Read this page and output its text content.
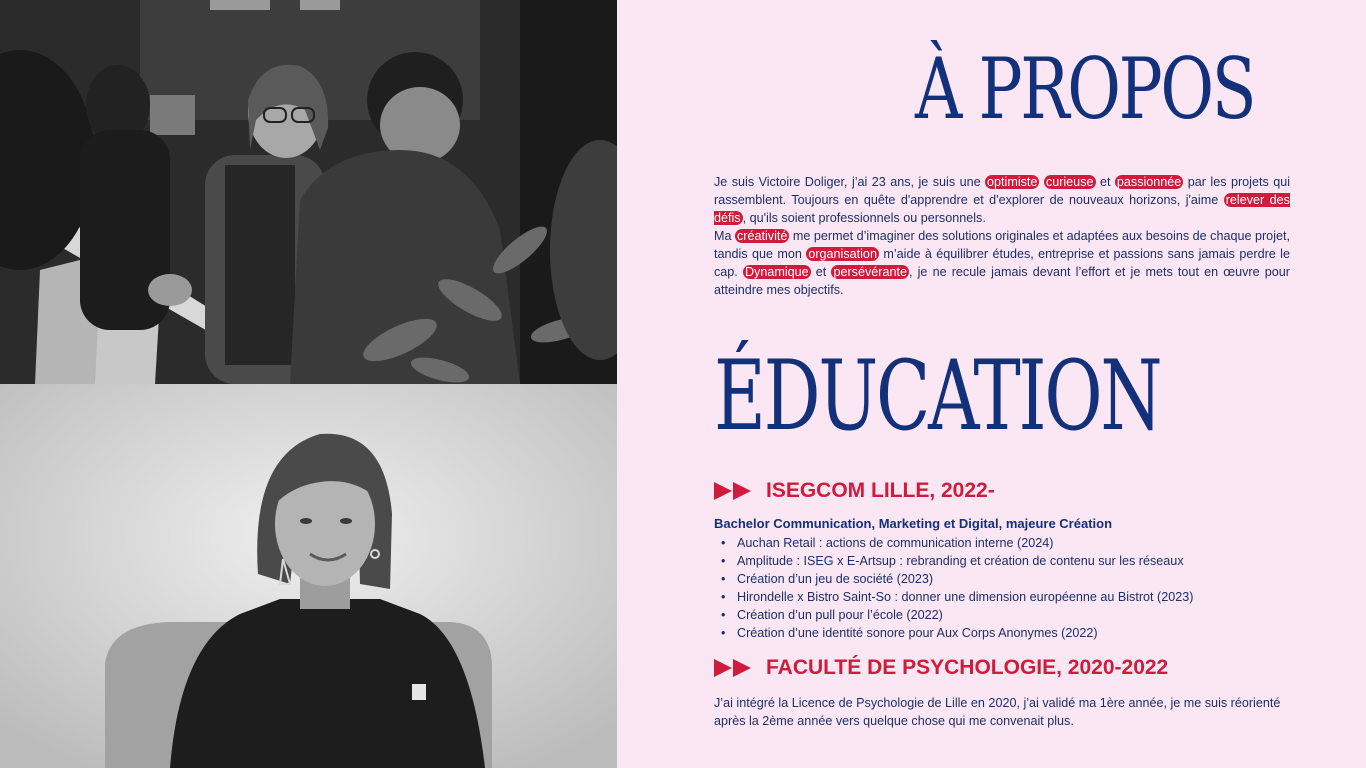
À PROPOS

Je suis Victoire Doliger, j’ai 23 ans, je suis une optimiste curieuse et passionnée par les projets qui rassemblent. Toujours en quête d'apprendre et d'explorer de nouveaux horizons, j'aime relever des défis , qu'ils soient professionnels ou personnels.

Ma créativité me permet d’imaginer des solutions originales et adaptées aux besoins de chaque projet, tandis que mon organisation m’aide à équilibrer études, entreprise et passions sans jamais perdre le cap. Dynamique et persévérante , je ne recule jamais devant l’effort et je mets tout en œuvre pour atteindre mes objectifs.

ÉDUCATION
ISEGCOM LILLE, 2022-
Bachelor Communication, Marketing et Digital, majeure Création
• Auchan Retail : actions de communication interne (2024)
• Amplitude : ISEG x E-Artsup : rebranding et création de contenu sur les réseaux
• Création d’un jeu de société (2023)
• Hirondelle x Bistro Saint-So : donner une dimension européenne au Bistrot (2023)
• Création d’un pull pour l’école (2022)
• Création d’une identité sonore pour Aux Corps Anonymes (2022)
FACULTÉ DE PSYCHOLOGIE, 2020-2022

J’ai intégré la Licence de Psychologie de Lille en 2020, j’ai validé ma 1ère année, je me suis réorienté après la 2ème année vers quelque chose qui me convenait plus.
